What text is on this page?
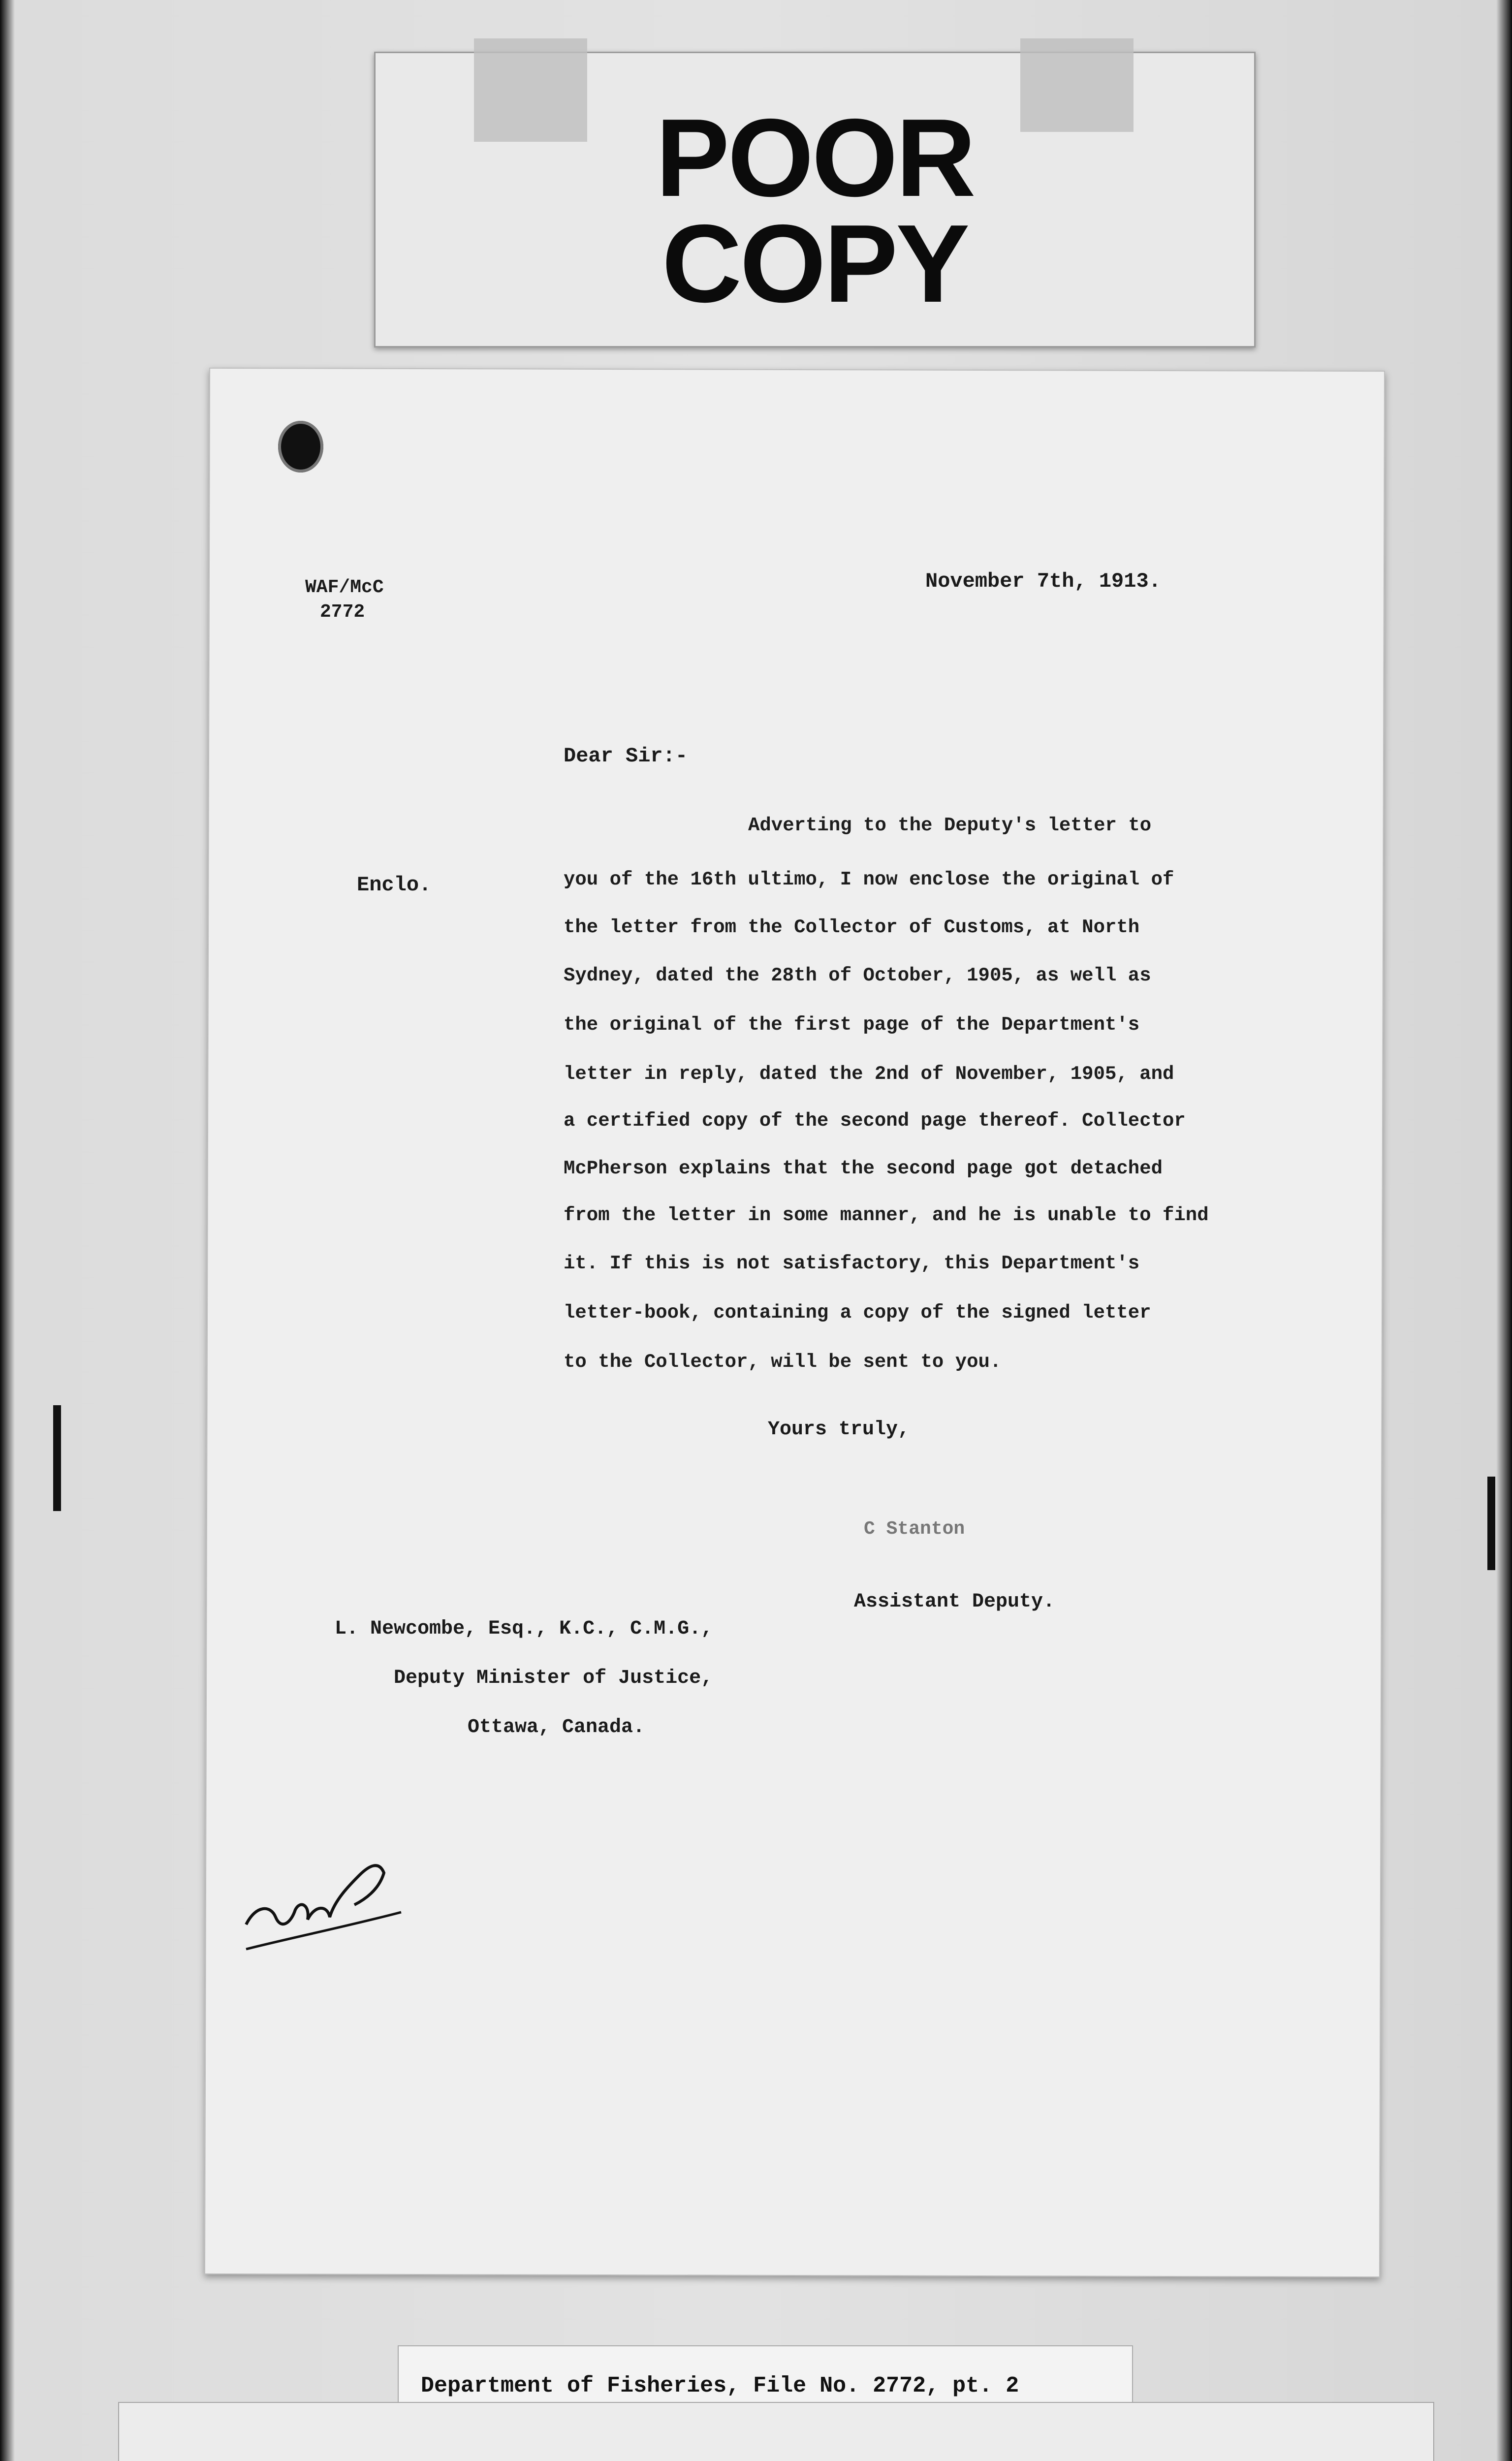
POOR
COPY
WAF/McC
2772
November 7th, 1913.
Dear Sir:-
Enclo.
Adverting to the Deputy's letter to
you of the 16th ultimo, I now enclose the original of
the letter from the Collector of Customs, at North
Sydney, dated the 28th of October, 1905, as well as
the original of the first page of the Department's
letter in reply, dated the 2nd of November, 1905, and
a certified copy of the second page thereof. Collector
McPherson explains that the second page got detached
from the letter in some manner, and he is unable to find
it. If this is not satisfactory, this Department's
letter-book, containing a copy of the signed letter
to the Collector, will be sent to you.
Yours truly,
C Stanton
Assistant Deputy.
L. Newcombe, Esq., K.C., C.M.G.,
Deputy Minister of Justice,
Ottawa, Canada.
Department of Fisheries, File No. 2772, pt. 2
